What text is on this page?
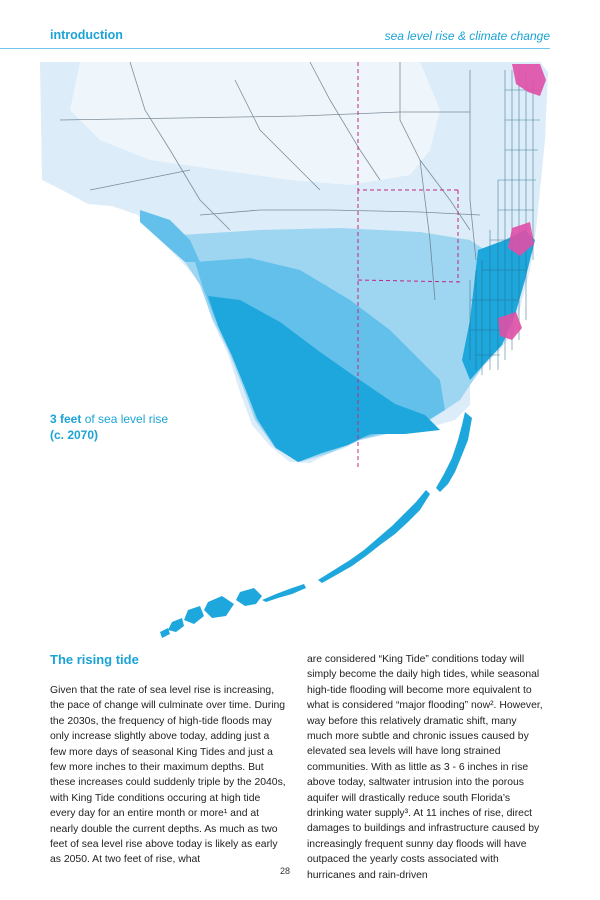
introduction	sea level rise & climate change
3 feet of sea level rise
(c. 2070)
The rising tide

Given that the rate of sea level rise is increasing, the pace of change will culminate over time. During the 2030s, the frequency of high-tide floods may only increase slightly above today, adding just a few more days of seasonal King Tides and just a few more inches to their maximum depths. But these increases could suddenly triple by the 2040s, with King Tide conditions occuring at high tide every day for an entire month or more¹ and at nearly double the current depths. As much as two feet of sea level rise above today is likely as early as 2050. At two feet of rise, what

are considered “King Tide” conditions today will simply become the daily high tides, while seasonal high-tide flooding will become more equivalent to what is considered “major flooding” now². However, way before this relatively dramatic shift, many much more subtle and chronic issues caused by elevated sea levels will have long strained communities. With as little as 3 - 6 inches in rise above today, saltwater intrusion into the porous aquifer will drastically reduce south Florida’s drinking water supply³. At 11 inches of rise, direct damages to buildings and infrastructure caused by increasingly frequent sunny day floods will have outpaced the yearly costs associated with hurricanes and rain-driven

28
